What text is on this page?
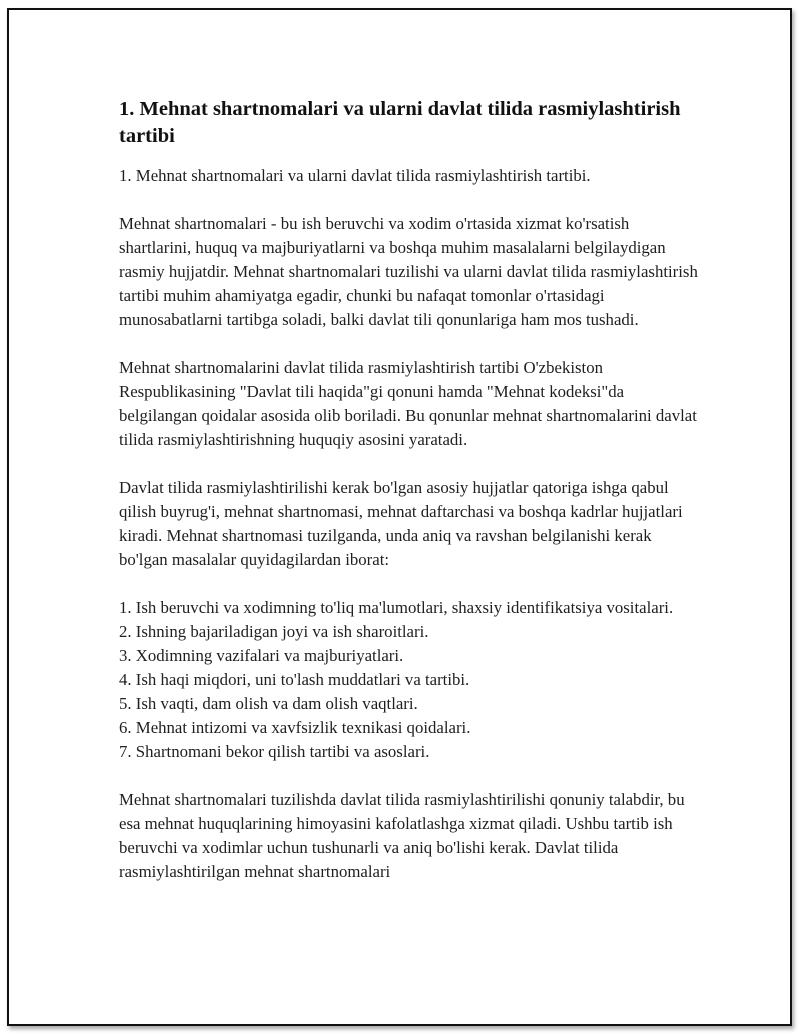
1. Mehnat shartnomalari va ularni davlat tilida rasmiylashtirish tartibi

1. Mehnat shartnomalari va ularni davlat tilida rasmiylashtirish tartibi.

Mehnat shartnomalari - bu ish beruvchi va xodim o'rtasida xizmat ko'rsatish shartlarini, huquq va majburiyatlarni va boshqa muhim masalalarni belgilaydigan rasmiy hujjatdir. Mehnat shartnomalari tuzilishi va ularni davlat tilida rasmiylashtirish tartibi muhim ahamiyatga egadir, chunki bu nafaqat tomonlar o'rtasidagi munosabatlarni tartibga soladi, balki davlat tili qonunlariga ham mos tushadi.

Mehnat shartnomalarini davlat tilida rasmiylashtirish tartibi O'zbekiston Respublikasining "Davlat tili haqida"gi qonuni hamda "Mehnat kodeksi"da belgilangan qoidalar asosida olib boriladi. Bu qonunlar mehnat shartnomalarini davlat tilida rasmiylashtirishning huquqiy asosini yaratadi.

Davlat tilida rasmiylashtirilishi kerak bo'lgan asosiy hujjatlar qatoriga ishga qabul qilish buyrug'i, mehnat shartnomasi, mehnat daftarchasi va boshqa kadrlar hujjatlari kiradi. Mehnat shartnomasi tuzilganda, unda aniq va ravshan belgilanishi kerak bo'lgan masalalar quyidagilardan iborat:

1. Ish beruvchi va xodimning to'liq ma'lumotlari, shaxsiy identifikatsiya vositalari.
2. Ishning bajariladigan joyi va ish sharoitlari.
3. Xodimning vazifalari va majburiyatlari.
4. Ish haqi miqdori, uni to'lash muddatlari va tartibi.
5. Ish vaqti, dam olish va dam olish vaqtlari.
6. Mehnat intizomi va xavfsizlik texnikasi qoidalari.
7. Shartnomani bekor qilish tartibi va asoslari.

Mehnat shartnomalari tuzilishda davlat tilida rasmiylashtirilishi qonuniy talabdir, bu esa mehnat huquqlarining himoyasini kafolatlashga xizmat qiladi. Ushbu tartib ish beruvchi va xodimlar uchun tushunarli va aniq bo'lishi kerak. Davlat tilida rasmiylashtirilgan mehnat shartnomalari
